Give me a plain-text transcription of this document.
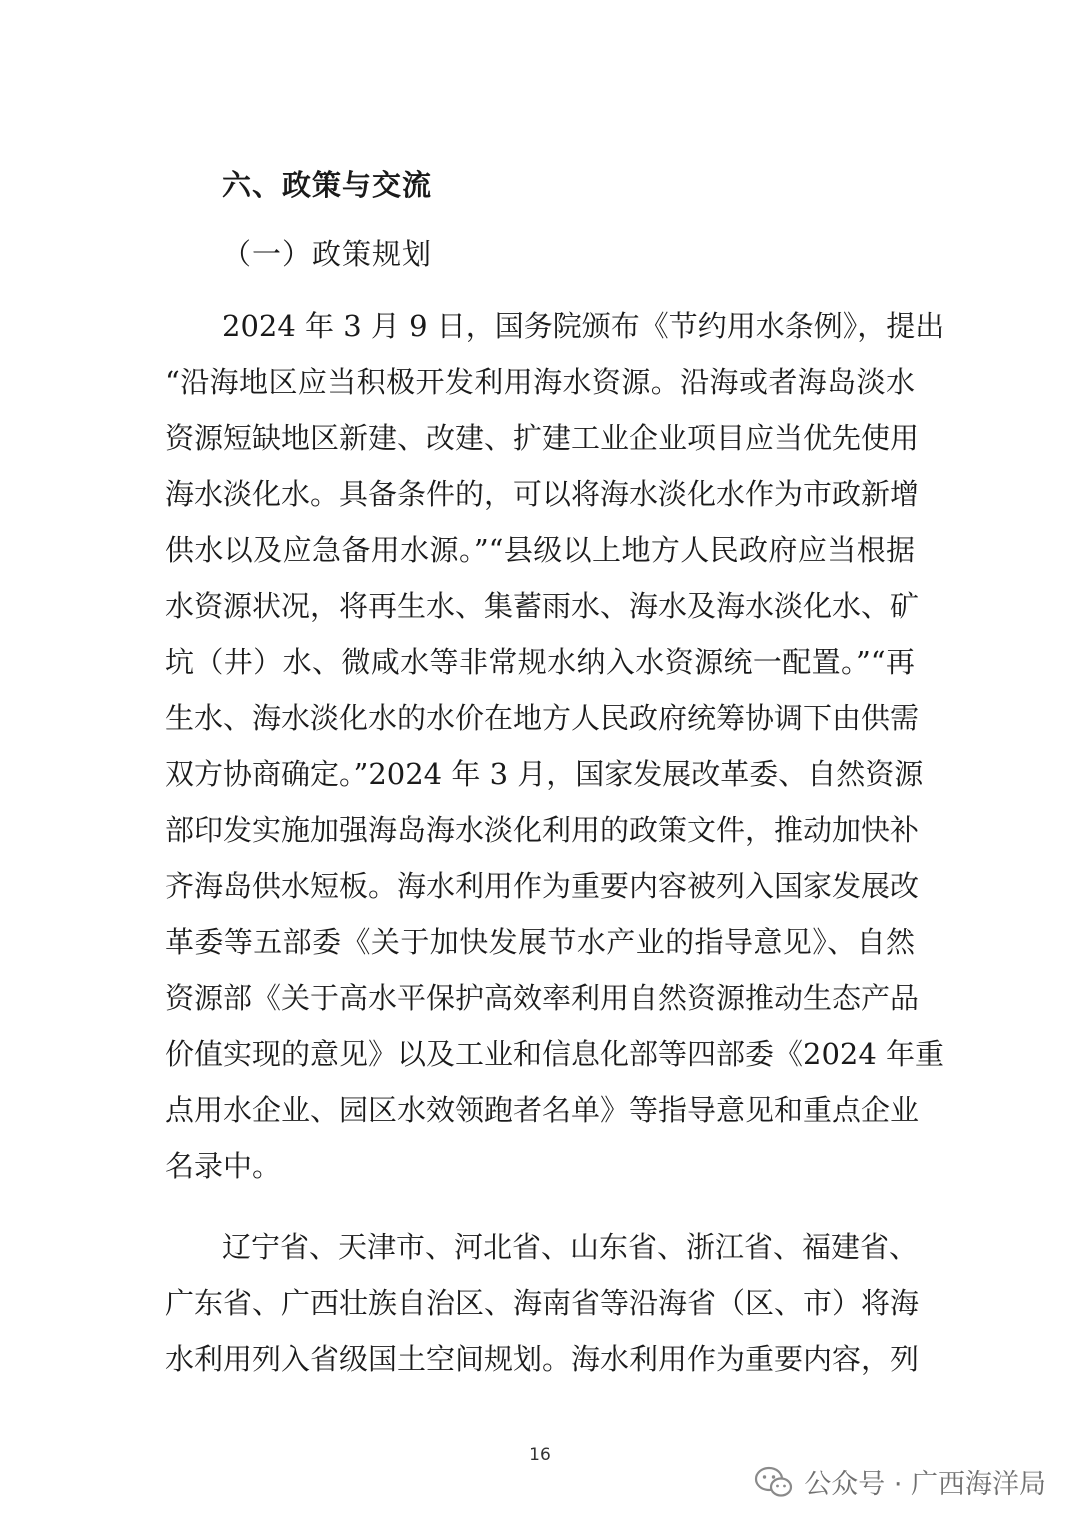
六、政策与交流
（一）政策规划
2024 年 3 月 9 日，国务院颁布《节约用水条例》，提出
“沿海地区应当积极开发利用海水资源。沿海或者海岛淡水
资源短缺地区新建、改建、扩建工业企业项目应当优先使用
海水淡化水。具备条件的，可以将海水淡化水作为市政新增
供水以及应急备用水源。”“县级以上地方人民政府应当根据
水资源状况，将再生水、集蓄雨水、海水及海水淡化水、矿
坑（井）水、微咸水等非常规水纳入水资源统一配置。”“再
生水、海水淡化水的水价在地方人民政府统筹协调下由供需
双方协商确定。”2024 年 3 月，国家发展改革委、自然资源
部印发实施加强海岛海水淡化利用的政策文件，推动加快补
齐海岛供水短板。海水利用作为重要内容被列入国家发展改
革委等五部委《关于加快发展节水产业的指导意见》、自然
资源部《关于高水平保护高效率利用自然资源推动生态产品
价值实现的意见》以及工业和信息化部等四部委《2024 年重
点用水企业、园区水效领跑者名单》等指导意见和重点企业
名录中。
辽宁省、天津市、河北省、山东省、浙江省、福建省、
广东省、广西壮族自治区、海南省等沿海省（区、市）将海
水利用列入省级国土空间规划。海水利用作为重要内容，列
16
公众号 · 广西海洋局
